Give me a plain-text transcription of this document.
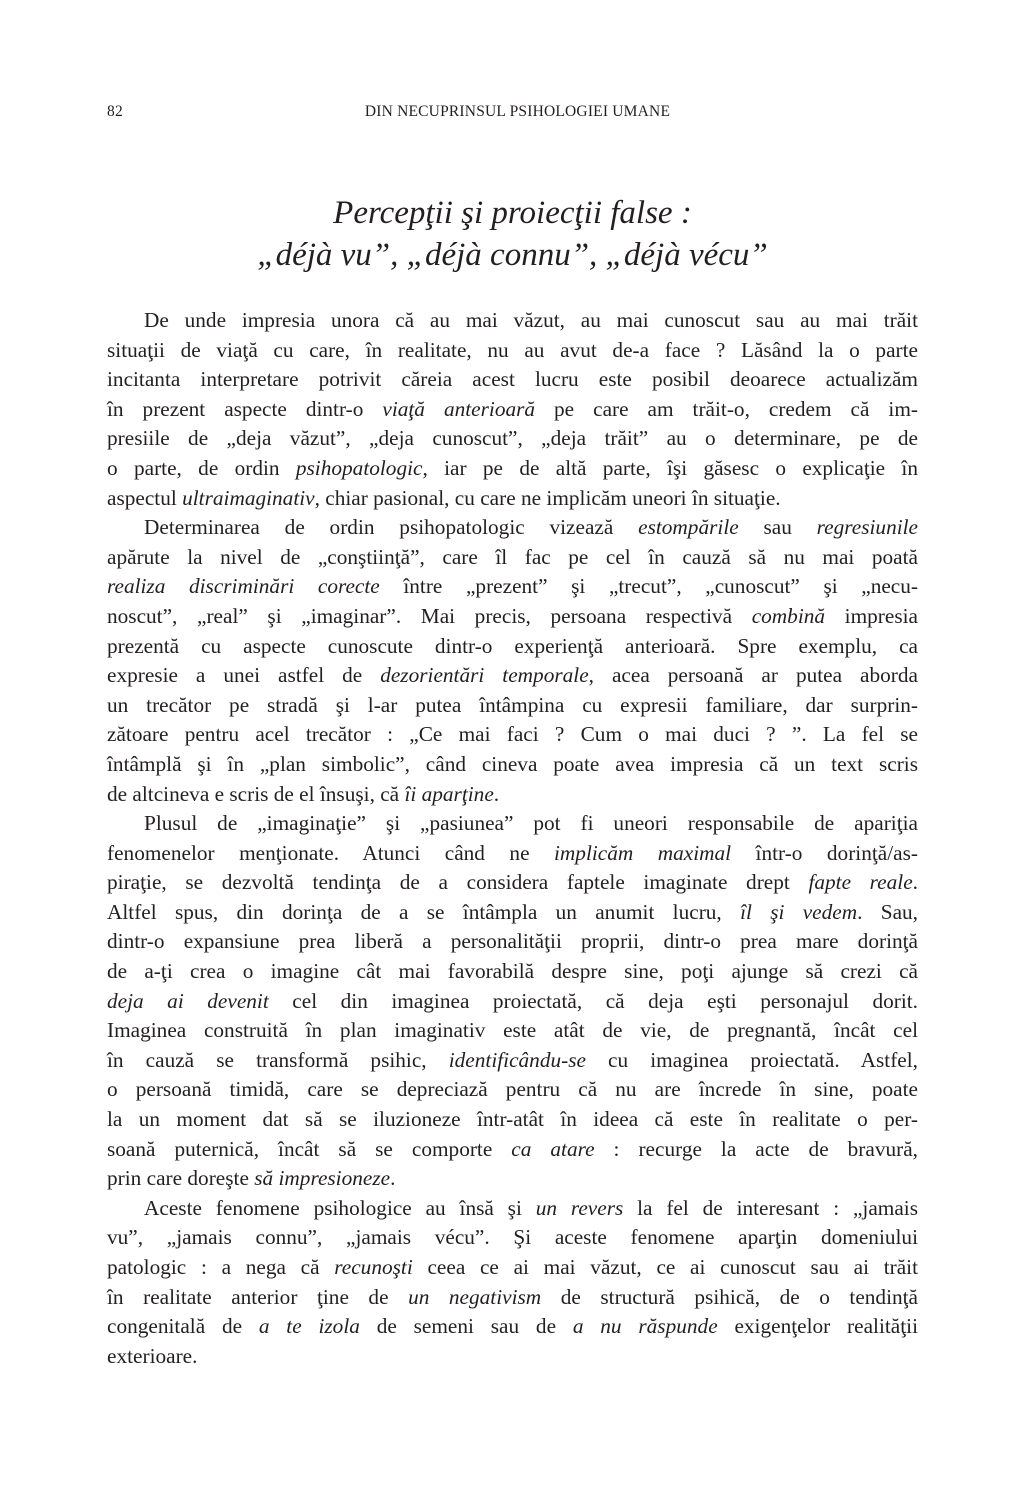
82	DIN NECUPRINSUL PSIHOLOGIEI UMANE
Percepţii şi proiecţii false :
„déjà vu”, „déjà connu”, „déjà vécu”
De unde impresia unora că au mai văzut, au mai cunoscut sau au mai trăit
situaţii de viaţă cu care, în realitate, nu au avut de-a face ? Lăsând la o parte
incitanta interpretare potrivit căreia acest lucru este posibil deoarece actualizăm
în prezent aspecte dintr-o viaţă anterioară pe care am trăit-o, credem că im-
presiile de „deja văzut”, „deja cunoscut”, „deja trăit” au o determinare, pe de
o parte, de ordin psihopatologic, iar pe de altă parte, îşi găsesc o explicaţie în
aspectul ultraimaginativ, chiar pasional, cu care ne implicăm uneori în situaţie.
Determinarea de ordin psihopatologic vizează estompările sau regresiunile
apărute la nivel de „conştiinţă”, care îl fac pe cel în cauză să nu mai poată
realiza discriminări corecte între „prezent” şi „trecut”, „cunoscut” şi „necu-
noscut”, „real” şi „imaginar”. Mai precis, persoana respectivă combină impresia
prezentă cu aspecte cunoscute dintr-o experienţă anterioară. Spre exemplu, ca
expresie a unei astfel de dezorientări temporale, acea persoană ar putea aborda
un trecător pe stradă şi l-ar putea întâmpina cu expresii familiare, dar surprin-
zătoare pentru acel trecător : „Ce mai faci ? Cum o mai duci ? ”. La fel se
întâmplă şi în „plan simbolic”, când cineva poate avea impresia că un text scris
de altcineva e scris de el însuşi, că îi aparţine.
Plusul de „imaginaţie” şi „pasiunea” pot fi uneori responsabile de apariţia
fenomenelor menţionate. Atunci când ne implicăm maximal într-o dorinţă/as-
piraţie, se dezvoltă tendinţa de a considera faptele imaginate drept fapte reale.
Altfel spus, din dorinţa de a se întâmpla un anumit lucru, îl şi vedem. Sau,
dintr-o expansiune prea liberă a personalităţii proprii, dintr-o prea mare dorinţă
de a-ţi crea o imagine cât mai favorabilă despre sine, poţi ajunge să crezi că
deja ai devenit cel din imaginea proiectată, că deja eşti personajul dorit.
Imaginea construită în plan imaginativ este atât de vie, de pregnantă, încât cel
în cauză se transformă psihic, identificându-se cu imaginea proiectată. Astfel,
o persoană timidă, care se depreciază pentru că nu are încrede în sine, poate
la un moment dat să se iluzioneze într-atât în ideea că este în realitate o per-
soană puternică, încât să se comporte ca atare : recurge la acte de bravură,
prin care doreşte să impresioneze.
Aceste fenomene psihologice au însă şi un revers la fel de interesant : „jamais
vu”, „jamais connu”, „jamais vécu”. Şi aceste fenomene aparţin domeniului
patologic : a nega că recunoşti ceea ce ai mai văzut, ce ai cunoscut sau ai trăit
în realitate anterior ţine de un negativism de structură psihică, de o tendinţă
congenitală de a te izola de semeni sau de a nu răspunde exigenţelor realităţii
exterioare.
